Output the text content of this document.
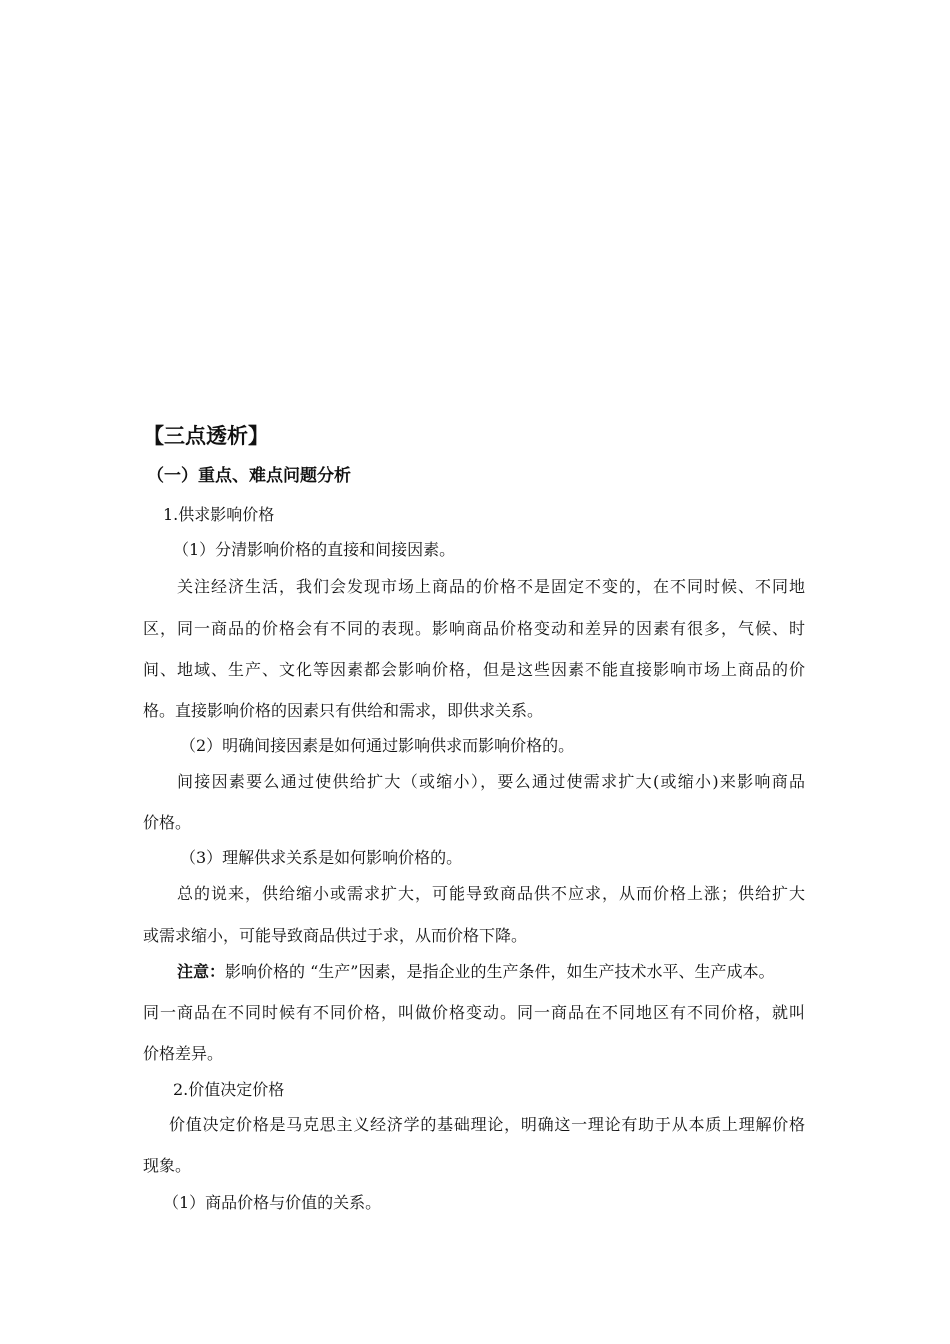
【三点透析】
（一）重点、难点问题分析
1.供求影响价格
（1）分清影响价格的直接和间接因素。
关注经济生活，我们会发现市场上商品的价格不是固定不变的，在不同时候、不同地
区，同一商品的价格会有不同的表现。影响商品价格变动和差异的因素有很多，气候、时
间、地域、生产、文化等因素都会影响价格，但是这些因素不能直接影响市场上商品的价
格。直接影响价格的因素只有供给和需求，即供求关系。
（2）明确间接因素是如何通过影响供求而影响价格的。
间接因素要么通过使供给扩大（或缩小），要么通过使需求扩大(或缩小)来影响商品
价格。
（3）理解供求关系是如何影响价格的。
总的说来，供给缩小或需求扩大，可能导致商品供不应求，从而价格上涨；供给扩大
或需求缩小，可能导致商品供过于求，从而价格下降。
注意：影响价格的 “生产”因素，是指企业的生产条件，如生产技术水平、生产成本。
同一商品在不同时候有不同价格，叫做价格变动。同一商品在不同地区有不同价格，就叫
价格差异。
2.价值决定价格
价值决定价格是马克思主义经济学的基础理论，明确这一理论有助于从本质上理解价格
现象。
（1）商品价格与价值的关系。
